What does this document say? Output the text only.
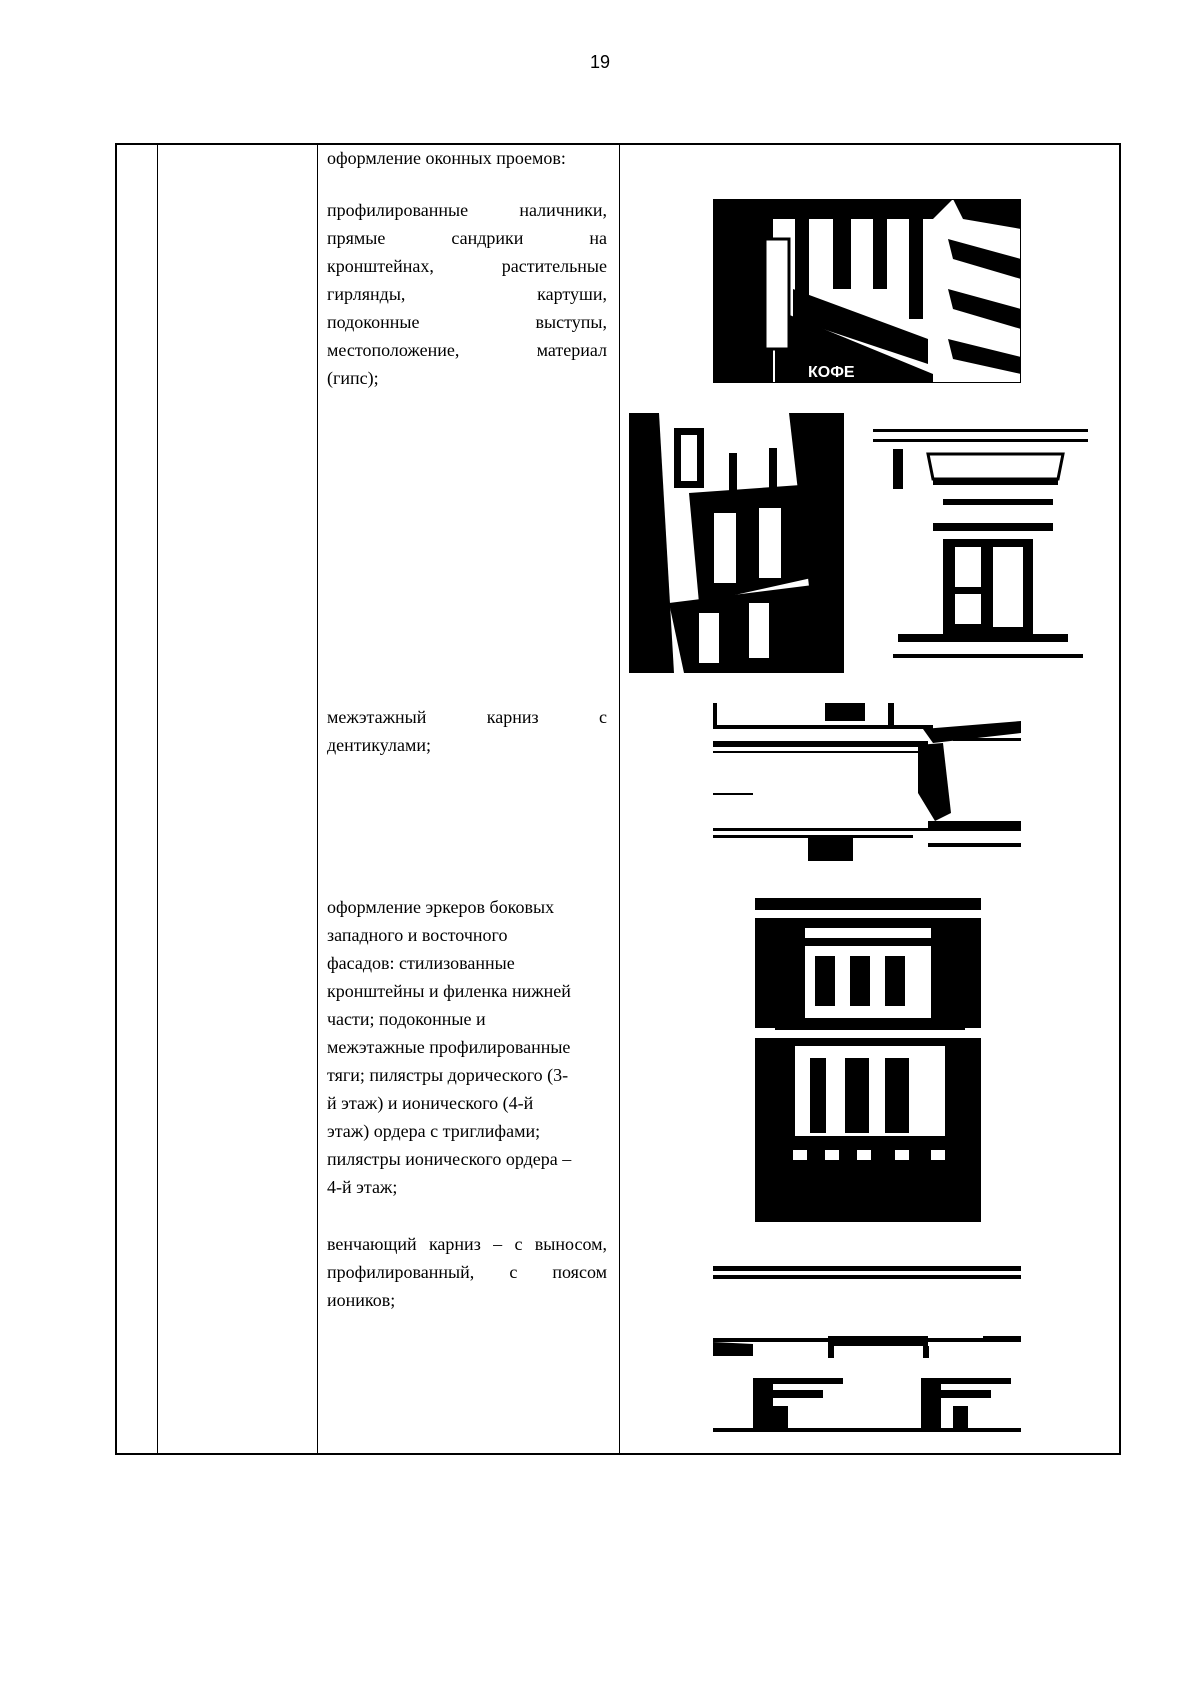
19
оформление оконных проемов:
профилированные наличники,
прямые сандрики на
кронштейнах, растительные
гирлянды, картуши,
подоконные выступы,
местоположение, материал

(гипс);
межэтажный карниз с

дентикулами;
оформление эркеров боковых
западного и восточного
фасадов: стилизованные
кронштейны и филенка нижней
части; подоконные и
межэтажные профилированные
тяги; пилястры дорического (3-
й этаж) и ионического (4-й
этаж) ордера с триглифами;
пилястры ионического ордера –
4-й этаж;
венчающий карниз – с выносом,
профилированный, с поясом

иоников;
КОФЕ
